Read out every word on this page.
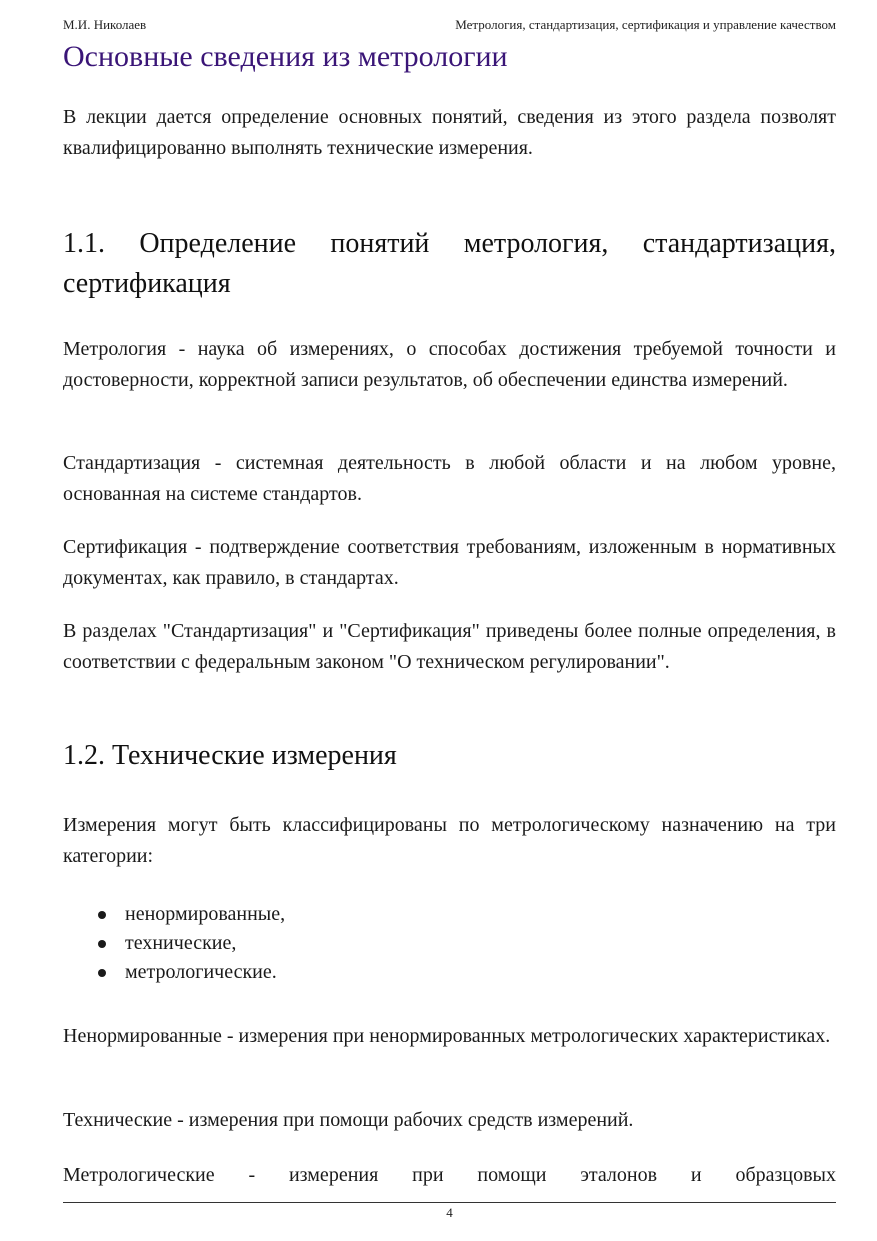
М.И. Николаев	Метрология, стандартизация, сертификация и управление качеством
Основные сведения из метрологии

В лекции дается определение основных понятий, сведения из этого раздела позволят квалифицированно выполнять технические измерения.

1.1. Определение понятий метрология, стандартизация, сертификация

Метрология - наука об измерениях, о способах достижения требуемой точности и достоверности, корректной записи результатов, об обеспечении единства измерений.

Стандартизация - системная деятельность в любой области и на любом уровне, основанная на системе стандартов.

Сертификация - подтверждение соответствия требованиям, изложенным в нормативных документах, как правило, в стандартах.

В разделах "Стандартизация" и "Сертификация" приведены более полные определения, в соответствии с федеральным законом "О техническом регулировании".

1.2. Технические измерения

Измерения могут быть классифицированы по метрологическому назначению на три категории:

ненормированные,
технические,
метрологические.

Ненормированные - измерения при ненормированных метрологических характеристиках.

Технические - измерения при помощи рабочих средств измерений.

Метрологические - измерения при помощи эталонов и образцовых

4
